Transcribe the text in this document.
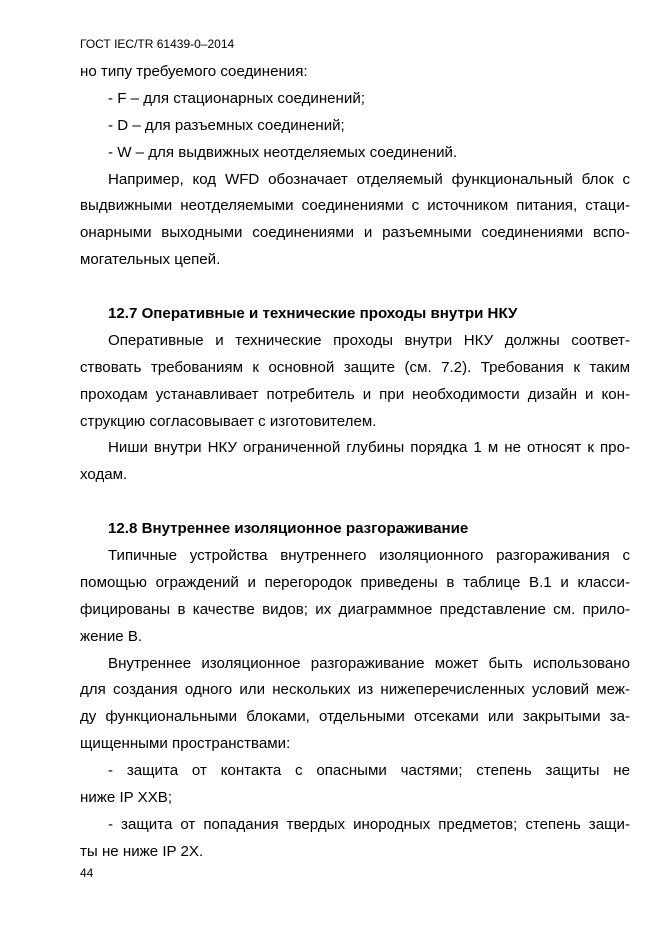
ГОСТ IEC/TR 61439-0–2014
но типу требуемого соединения:
- F – для стационарных соединений;
- D – для разъемных соединений;
- W – для выдвижных неотделяемых соединений.
Например, код WFD обозначает отделяемый функциональный блок с
выдвижными неотделяемыми соединениями с источником питания, стаци-
онарными выходными соединениями и разъемными соединениями вспо-
могательных цепей.
12.7 Оперативные и технические проходы внутри НКУ
Оперативные и технические проходы внутри НКУ должны соответ-
ствовать требованиям к основной защите (см. 7.2). Требования к таким
проходам устанавливает потребитель и при необходимости дизайн и кон-
струкцию согласовывает с изготовителем.
Ниши внутри НКУ ограниченной глубины порядка 1 м не относят к про-
ходам.
12.8 Внутреннее изоляционное разгораживание
Типичные устройства внутреннего изоляционного разгораживания с
помощью ограждений и перегородок приведены в таблице В.1 и класси-
фицированы в качестве видов; их диаграммное представление см. прило-
жение В.
Внутреннее изоляционное разгораживание может быть использовано
для создания одного или нескольких из нижеперечисленных условий меж-
ду функциональными блоками, отдельными отсеками или закрытыми за-
щищенными пространствами:
- защита от контакта с опасными частями; степень защиты не
ниже IP XXB;
- защита от попадания твердых инородных предметов; степень защи-
ты не ниже IP 2X.
44
